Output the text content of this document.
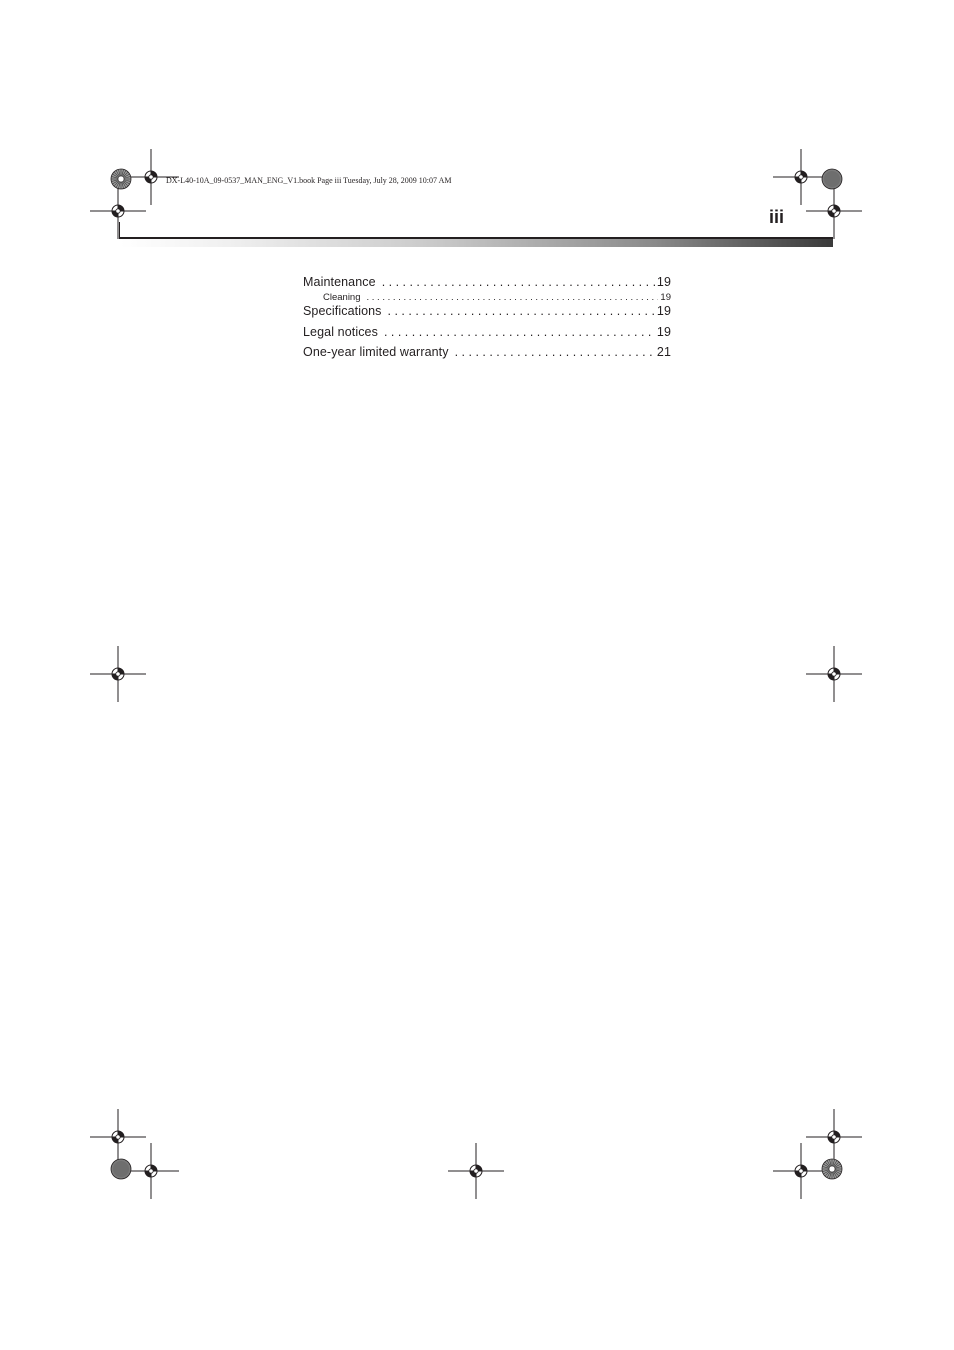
DX-L40-10A_09-0537_MAN_ENG_V1.book Page iii Tuesday, July 28, 2009 10:07 AM
iii
Maintenance . . .	19
Cleaning . . .	19
Specifications . . .	19
Legal notices . . .	19
One-year limited warranty . . .	21
